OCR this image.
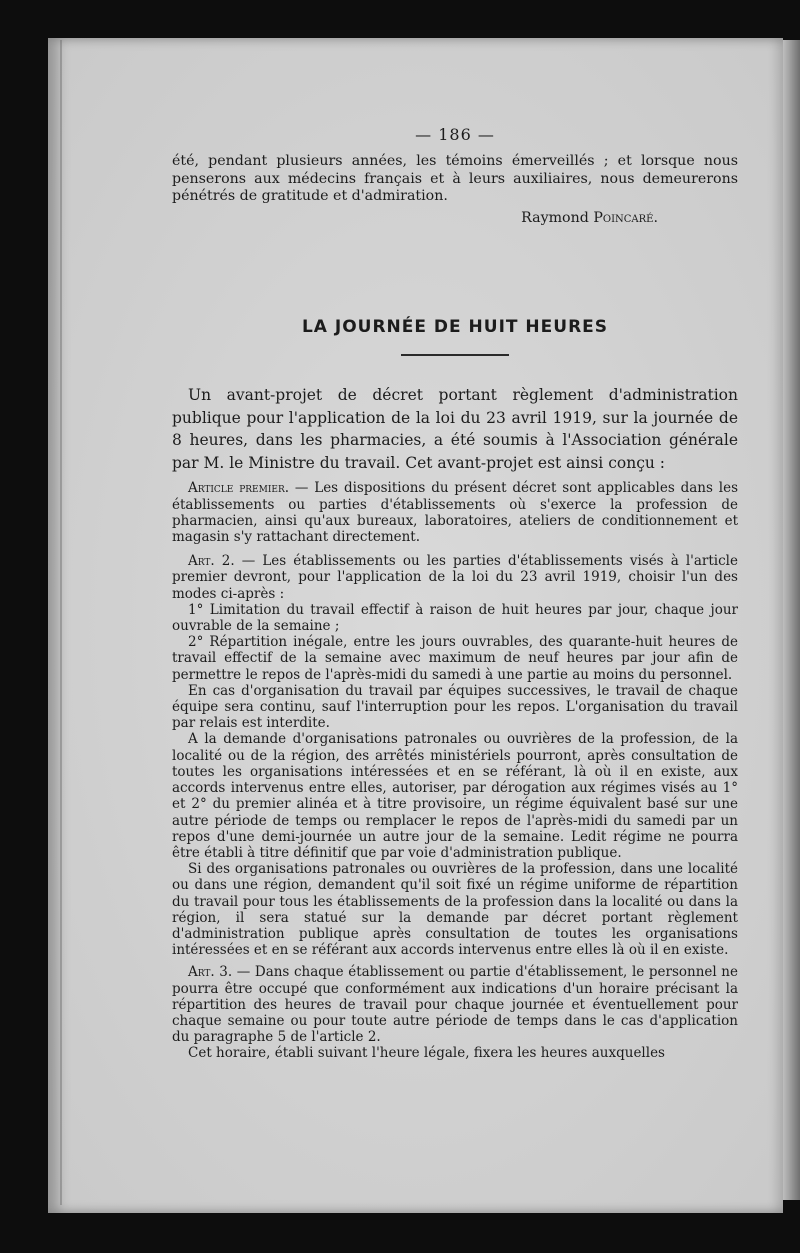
— 186 —

été, pendant plusieurs années, les témoins émerveillés ; et lorsque nous penserons aux médecins français et à leurs auxiliaires, nous demeurerons pénétrés de gratitude et d'admiration.

Raymond Poincaré.
LA JOURNÉE DE HUIT HEURES

Un avant-projet de décret portant règlement d'administration publique pour l'application de la loi du 23 avril 1919, sur la journée de 8 heures, dans les pharmacies, a été soumis à l'Association générale par M. le Ministre du travail. Cet avant-projet est ainsi conçu :

Article premier. — Les dispositions du présent décret sont applicables dans les établissements ou parties d'établissements où s'exerce la profession de pharmacien, ainsi qu'aux bureaux, laboratoires, ateliers de conditionnement et magasin s'y rattachant directement.

Art. 2. — Les établissements ou les parties d'établissements visés à l'article premier devront, pour l'application de la loi du 23 avril 1919, choisir l'un des modes ci-après :

1° Limitation du travail effectif à raison de huit heures par jour, chaque jour ouvrable de la semaine ;

2° Répartition inégale, entre les jours ouvrables, des quarante-huit heures de travail effectif de la semaine avec maximum de neuf heures par jour afin de permettre le repos de l'après-midi du samedi à une partie au moins du personnel.

En cas d'organisation du travail par équipes successives, le travail de chaque équipe sera continu, sauf l'interruption pour les repos. L'organisation du travail par relais est interdite.

A la demande d'organisations patronales ou ouvrières de la profession, de la localité ou de la région, des arrêtés ministériels pourront, après consultation de toutes les organisations intéressées et en se référant, là où il en existe, aux accords intervenus entre elles, autoriser, par dérogation aux régimes visés au 1° et 2° du premier alinéa et à titre provisoire, un régime équivalent basé sur une autre période de temps ou remplacer le repos de l'après-midi du samedi par un repos d'une demi-journée un autre jour de la semaine. Ledit régime ne pourra être établi à titre définitif que par voie d'administration publique.

Si des organisations patronales ou ouvrières de la profession, dans une localité ou dans une région, demandent qu'il soit fixé un régime uniforme de répartition du travail pour tous les établissements de la profession dans la localité ou dans la région, il sera statué sur la demande par décret portant règlement d'administration publique après consultation de toutes les organisations intéressées et en se référant aux accords intervenus entre elles là où il en existe.

Art. 3. — Dans chaque établissement ou partie d'établissement, le personnel ne pourra être occupé que conformément aux indications d'un horaire précisant la répartition des heures de travail pour chaque journée et éventuellement pour chaque semaine ou pour toute autre période de temps dans le cas d'application du paragraphe 5 de l'article 2.

Cet horaire, établi suivant l'heure légale, fixera les heures auxquelles
